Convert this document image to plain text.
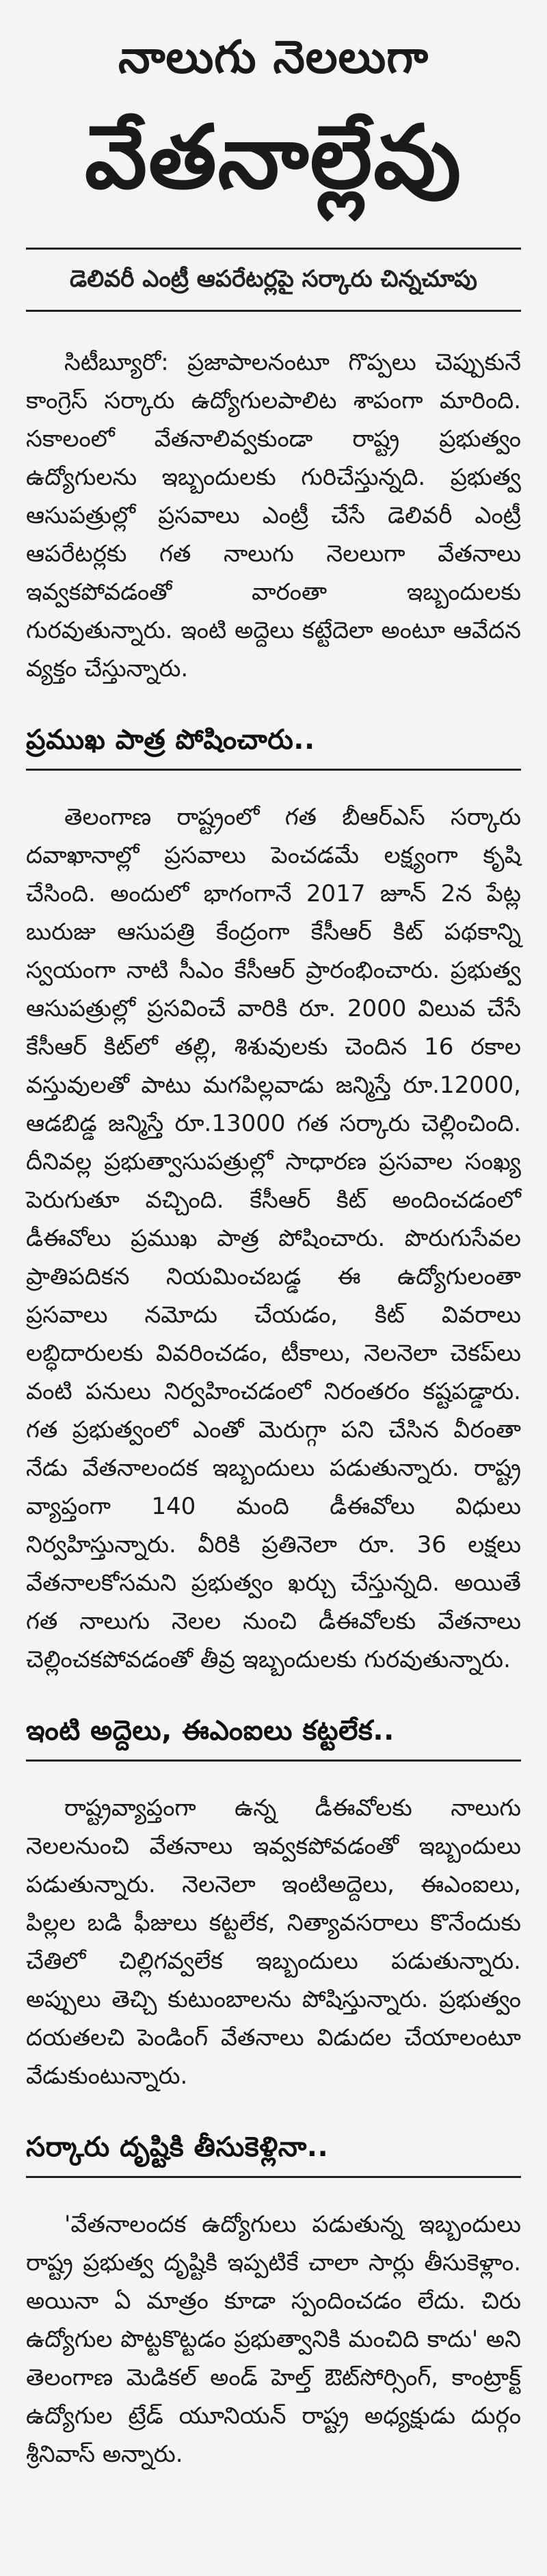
నాలుగు నెలలుగా
వేతనాల్లేవు
డెలివరీ ఎంట్రీ ఆపరేటర్లపై సర్కారు చిన్నచూపు

సిటీబ్యూరో: ప్రజాపాలనంటూ గొప్పలు చెప్పుకునే కాంగ్రెస్ సర్కారు ఉద్యోగులపాలిట శాపంగా మారింది. సకాలంలో వేతనాలివ్వకుండా రాష్ట్ర ప్రభుత్వం ఉద్యోగులను ఇబ్బందులకు గురిచేస్తున్నది. ప్రభుత్వ ఆసుపత్రుల్లో ప్రసవాలు ఎంట్రీ చేసే డెలివరీ ఎంట్రీ ఆపరేటర్లకు గత నాలుగు నెలలుగా వేతనాలు ఇవ్వకపోవడంతో వారంతా ఇబ్బందులకు గురవుతున్నారు. ఇంటి అద్దెలు కట్టేదెలా అంటూ ఆవేదన వ్యక్తం చేస్తున్నారు.

ప్రముఖ పాత్ర పోషించారు..

తెలంగాణ రాష్ట్రంలో గత బీఆర్ఎస్ సర్కారు దవాఖానాల్లో ప్రసవాలు పెంచడమే లక్ష్యంగా కృషి చేసింది. అందులో భాగంగానే 2017 జూన్ 2న పేట్ల బురుజు ఆసుపత్రి కేంద్రంగా కేసీఆర్ కిట్ పథకాన్ని స్వయంగా నాటి సీఎం కేసీఆర్ ప్రారంభించారు. ప్రభుత్వ ఆసుపత్రుల్లో ప్రసవించే వారికి రూ. 2000 విలువ చేసే కేసీఆర్ కిట్‌లో తల్లి, శిశువులకు చెందిన 16 రకాల వస్తువులతో పాటు మగపిల్లవాడు జన్మిస్తే రూ.12000, ఆడబిడ్డ జన్మిస్తే రూ.13000 గత సర్కారు చెల్లించింది. దీనివల్ల ప్రభుత్వాసుపత్రుల్లో సాధారణ ప్రసవాల సంఖ్య పెరుగుతూ వచ్చింది. కేసీఆర్ కిట్ అందించడంలో డీఈవోలు ప్రముఖ పాత్ర పోషించారు. పొరుగుసేవల ప్రాతిపదికన నియమించబడ్డ ఈ ఉద్యోగులంతా ప్రసవాలు నమోదు చేయడం, కిట్ వివరాలు లబ్ధిదారులకు వివరించడం, టీకాలు, నెలనెలా చెకప్‌లు వంటి పనులు నిర్వహించడంలో నిరంతరం కష్టపడ్డారు. గత ప్రభుత్వంలో ఎంతో మెరుగ్గా పని చేసిన వీరంతా నేడు వేతనాలందక ఇబ్బందులు పడుతున్నారు. రాష్ట్ర వ్యాప్తంగా 140 మంది డీఈవోలు విధులు నిర్వహిస్తున్నారు. వీరికి ప్రతినెలా రూ. 36 లక్షలు వేతనాలకోసమని ప్రభుత్వం ఖర్చు చేస్తున్నది. అయితే గత నాలుగు నెలల నుంచి డీఈవోలకు వేతనాలు చెల్లించకపోవడంతో తీవ్ర ఇబ్బందులకు గురవుతున్నారు.

ఇంటి అద్దెలు, ఈఎంఐలు కట్టలేక..

రాష్ట్రవ్యాప్తంగా ఉన్న డీఈవోలకు నాలుగు నెలలనుంచి వేతనాలు ఇవ్వకపోవడంతో ఇబ్బందులు పడుతున్నారు. నెలనెలా ఇంటిఅద్దెలు, ఈఎంఐలు, పిల్లల బడి ఫీజులు కట్టలేక, నిత్యావసరాలు కొనేందుకు చేతిలో చిల్లిగవ్వలేక ఇబ్బందులు పడుతున్నారు. అప్పులు తెచ్చి కుటుంబాలను పోషిస్తున్నారు. ప్రభుత్వం దయతలచి పెండింగ్ వేతనాలు విడుదల చేయాలంటూ వేడుకుంటున్నారు.

సర్కారు దృష్టికి తీసుకెళ్లినా..

'వేతనాలందక ఉద్యోగులు పడుతున్న ఇబ్బందులు రాష్ట్ర ప్రభుత్వ దృష్టికి ఇప్పటికే చాలా సార్లు తీసుకెళ్లాం. అయినా ఏ మాత్రం కూడా స్పందించడం లేదు. చిరు ఉద్యోగుల పొట్టకొట్టడం ప్రభుత్వానికి మంచిది కాదు' అని తెలంగాణ మెడికల్ అండ్ హెల్త్ ఔట్‌సోర్సింగ్, కాంట్రాక్ట్ ఉద్యోగుల ట్రేడ్ యూనియన్ రాష్ట్ర అధ్యక్షుడు దుర్గం శ్రీనివాస్ అన్నారు.
